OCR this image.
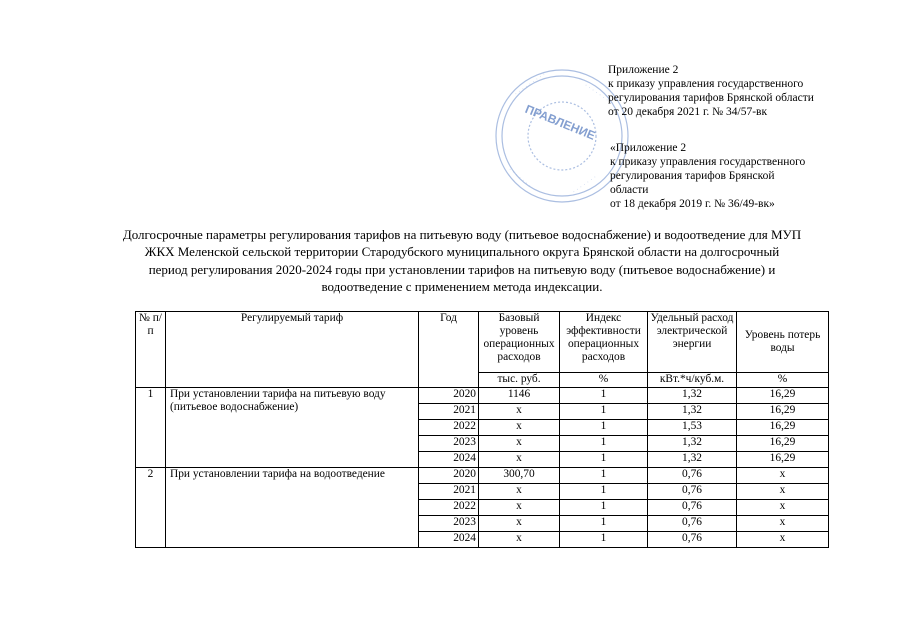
· · · · · · · · ·	· · · · · · · ·
· · · · · · ·	· · · · · · ·
ПРАВЛЕНИЕ
Приложение 2
к приказу управления государственного
регулирования тарифов Брянской области
от 20 декабря 2021 г. № 34/57-вк
«Приложение 2
к приказу управления государственного
регулирования тарифов Брянской
области
от 18 декабря 2019 г. № 36/49-вк»
Долгосрочные параметры регулирования тарифов на питьевую воду (питьевое водоснабжение) и водоотведение для МУП
ЖКХ Меленской сельской территории Стародубского муниципального округа Брянской области на долгосрочный
период регулирования 2020-2024 годы при установлении тарифов на питьевую воду (питьевое водоснабжение) и
водоотведение с применением метода индексации.
№ п/п	Регулируемый тариф	Год	Базовый уровень операционных расходов	Индекс эффективности операционных расходов	Удельный расход электрической энергии	Уровень потерь воды
			тыс. руб.	%	кВт.*ч/куб.м.	%
1	При установлении тарифа на питьевую воду (питьевое водоснабжение)	2020	1146	1	1,32	16,29
		2021	x	1	1,32	16,29
		2022	x	1	1,53	16,29
		2023	x	1	1,32	16,29
		2024	x	1	1,32	16,29
2	При установлении тарифа на водоотведение	2020	300,70	1	0,76	x
		2021	x	1	0,76	x
		2022	x	1	0,76	x
		2023	x	1	0,76	x
		2024	x	1	0,76	x
